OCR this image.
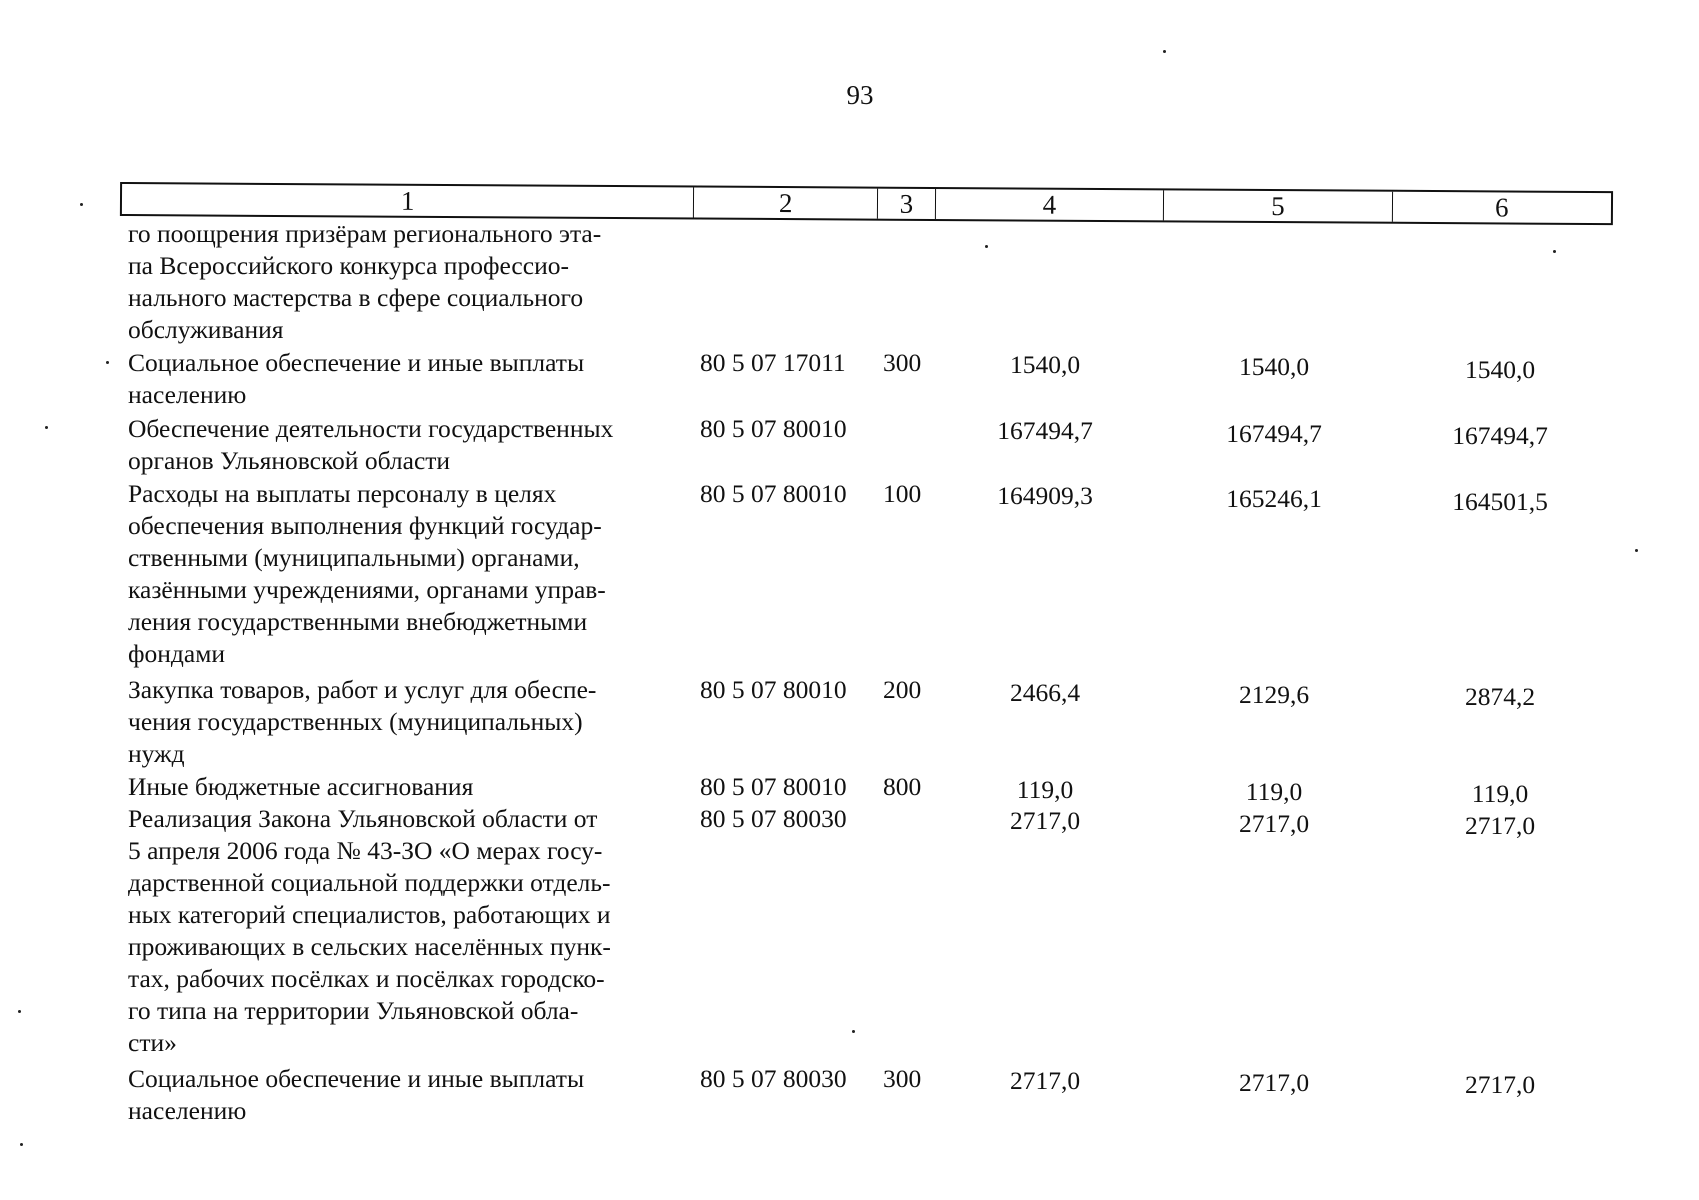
93
1	2	3	4	5	6
го поощрения призёрам регионального эта-
па Всероссийского конкурса профессио-
нального мастерства в сфере социального
обслуживания
Социальное обеспечение и иные выплаты
населению
80 5 07 17011 300	1540,0	1540,0	1540,0
Обеспечение деятельности государственных
органов Ульяновской области
80 5 07 80010	167494,7	167494,7	167494,7
Расходы на выплаты персоналу в целях
обеспечения выполнения функций государ-
ственными (муниципальными) органами,
казёнными учреждениями, органами управ-
ления государственными внебюджетными
фондами
80 5 07 80010 100	164909,3	165246,1	164501,5
Закупка товаров, работ и услуг для обеспе-
чения государственных (муниципальных)
нужд
80 5 07 80010 200	2466,4	2129,6	2874,2
Иные бюджетные ассигнования	80 5 07 80010 800	119,0	119,0	119,0
Реализация Закона Ульяновской области от
5 апреля 2006 года № 43-ЗО «О мерах госу-
дарственной социальной поддержки отдель-
ных категорий специалистов, работающих и
проживающих в сельских населённых пунк-
тах, рабочих посёлках и посёлках городско-
го типа на территории Ульяновской обла-
сти»
80 5 07 80030	2717,0	2717,0	2717,0
Социальное обеспечение и иные выплаты
населению
80 5 07 80030 300	2717,0	2717,0	2717,0
